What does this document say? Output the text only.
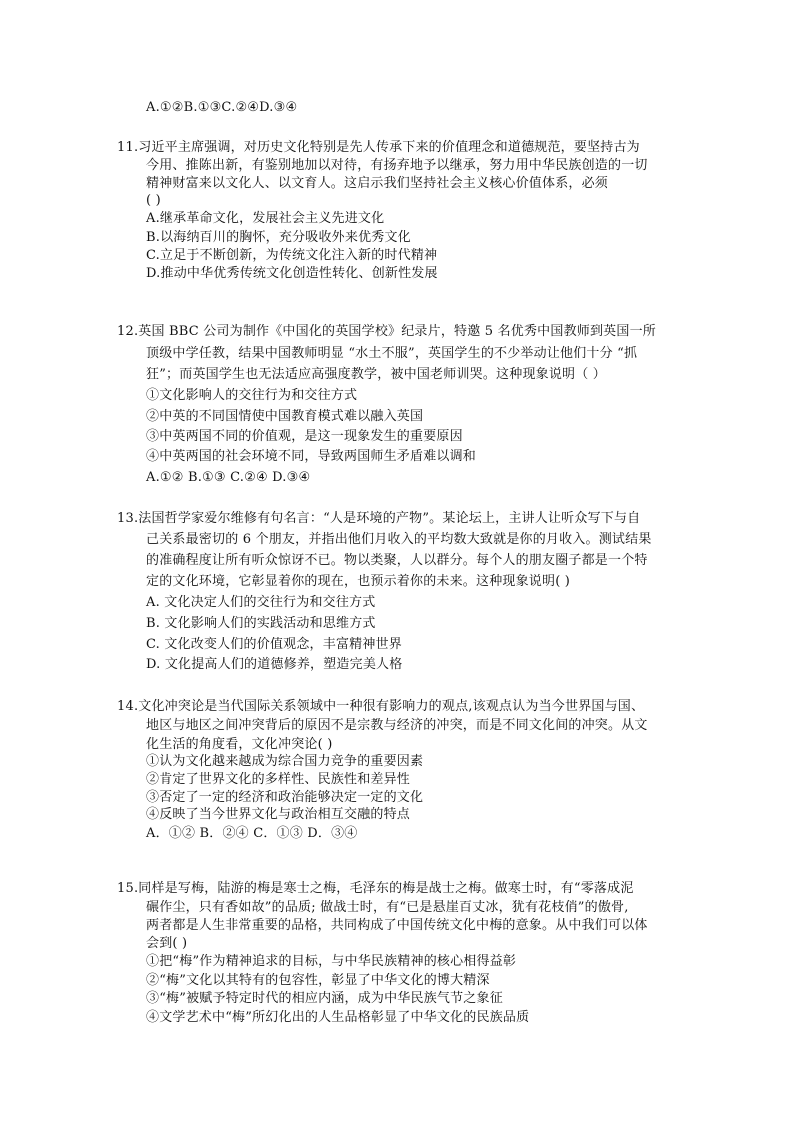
A.①②B.①③C.②④D.③④
11.习近平主席强调，对历史文化特别是先人传承下来的价值理念和道德规范，要坚持古为
今用、推陈出新，有鉴别地加以对待，有扬弃地予以继承，努力用中华民族创造的一切
精神财富来以文化人、以文育人。这启示我们坚持社会主义核心价值体系，必须
( )
A.继承革命文化，发展社会主义先进文化
B.以海纳百川的胸怀，充分吸收外来优秀文化
C.立足于不断创新，为传统文化注入新的时代精神
D.推动中华优秀传统文化创造性转化、创新性发展
12.英国 BBC 公司为制作《中国化的英国学校》纪录片，特邀 5 名优秀中国教师到英国一所
顶级中学任教，结果中国教师明显 “水土不服”，英国学生的不少举动让他们十分 “抓
狂”；而英国学生也无法适应高强度教学，被中国老师训哭。这种现象说明（ ）
①文化影响人的交往行为和交往方式
②中英的不同国情使中国教育模式难以融入英国
③中英两国不同的价值观，是这一现象发生的重要原因
④中英两国的社会环境不同，导致两国师生矛盾难以调和
A.①② B.①③ C.②④ D.③④
13.法国哲学家爱尔维修有句名言：“人是环境的产物”。某论坛上，主讲人让听众写下与自
己关系最密切的 6 个朋友，并指出他们月收入的平均数大致就是你的月收入。测试结果
的准确程度让所有听众惊讶不已。物以类聚，人以群分。每个人的朋友圈子都是一个特
定的文化环境，它彰显着你的现在，也预示着你的未来。这种现象说明( )
A. 文化决定人们的交往行为和交往方式
B. 文化影响人们的实践活动和思维方式
C. 文化改变人们的价值观念，丰富精神世界
D. 文化提高人们的道德修养，塑造完美人格
14.文化冲突论是当代国际关系领域中一种很有影响力的观点,该观点认为当今世界国与国、
地区与地区之间冲突背后的原因不是宗教与经济的冲突，而是不同文化间的冲突。从文
化生活的角度看，文化冲突论( )
①认为文化越来越成为综合国力竞争的重要因素
②肯定了世界文化的多样性、民族性和差异性
③否定了一定的经济和政治能够决定一定的文化
④反映了当今世界文化与政治相互交融的特点
A．①② B．②④ C．①③ D．③④
15.同样是写梅，陆游的梅是寒士之梅，毛泽东的梅是战士之梅。做寒士时，有“零落成泥
碾作尘，只有香如故”的品质; 做战士时，有“已是悬崖百丈冰，犹有花枝俏”的傲骨,
两者都是人生非常重要的品格，共同构成了中国传统文化中梅的意象。从中我们可以体
会到( )
①把“梅”作为精神追求的目标，与中华民族精神的核心相得益彰
②“梅”文化以其特有的包容性，彰显了中华文化的博大精深
③“梅”被赋予特定时代的相应内涵，成为中华民族气节之象征
④文学艺术中“梅”所幻化出的人生品格彰显了中华文化的民族品质
